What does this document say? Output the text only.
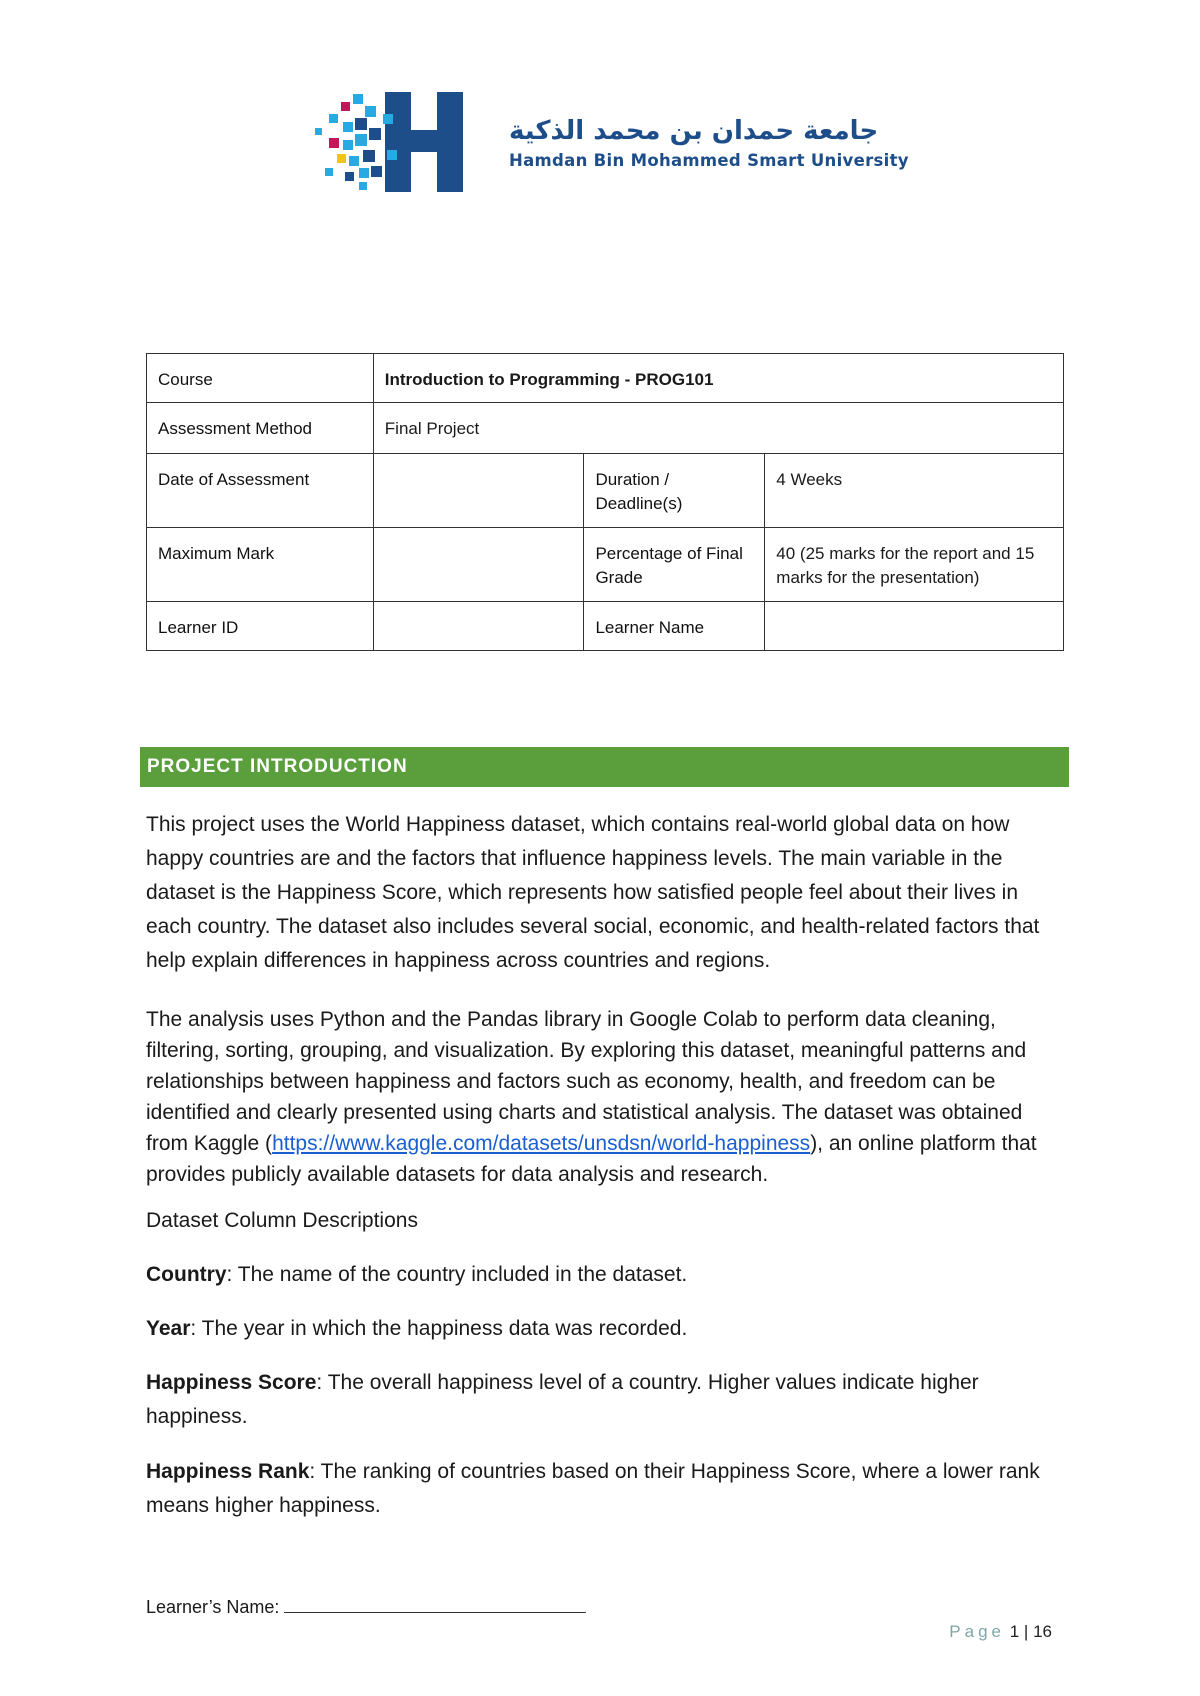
جامعة حمدان بن محمد الذكية
Hamdan Bin Mohammed Smart University
Course	Introduction to Programming - PROG101		
Assessment Method	Final Project		
Date of Assessment		Duration / Deadline(s)	4 Weeks
Maximum Mark		Percentage of Final Grade	40 (25 marks for the report and 15 marks for the presentation)
Learner ID		Learner Name	
PROJECT INTRODUCTION
This project uses the World Happiness dataset, which contains real-world global data on how happy countries are and the factors that influence happiness levels. The main variable in the dataset is the Happiness Score, which represents how satisfied people feel about their lives in each country. The dataset also includes several social, economic, and health-related factors that help explain differences in happiness across countries and regions.
The analysis uses Python and the Pandas library in Google Colab to perform data cleaning, filtering, sorting, grouping, and visualization. By exploring this dataset, meaningful patterns and relationships between happiness and factors such as economy, health, and freedom can be identified and clearly presented using charts and statistical analysis. The dataset was obtained from Kaggle (https://www.kaggle.com/datasets/unsdsn/world-happiness), an online platform that provides publicly available datasets for data analysis and research.
Dataset Column Descriptions
Country: The name of the country included in the dataset.
Year: The year in which the happiness data was recorded.
Happiness Score: The overall happiness level of a country. Higher values indicate higher happiness.
Happiness Rank: The ranking of countries based on their Happiness Score, where a lower rank means higher happiness.
Learner’s Name:
Page 1 | 16
